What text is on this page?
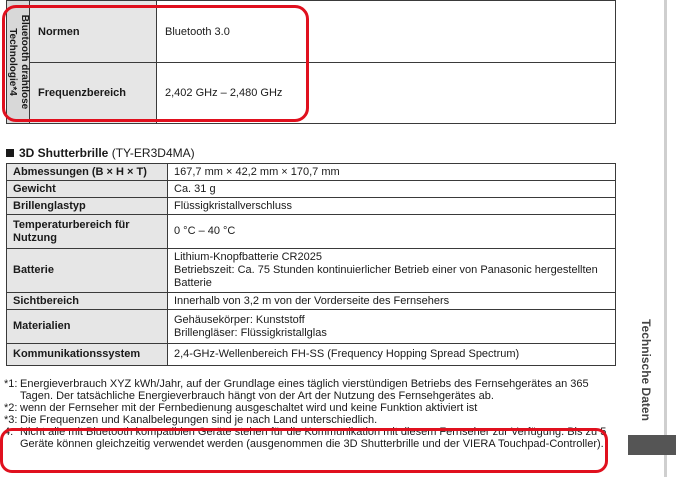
Bluetooth drahtlose
Technologie*4	Normen	Bluetooth 3.0
	Frequenzbereich	2,402 GHz – 2,480 GHz
3D Shutterbrille (TY-ER3D4MA)
Abmessungen (B × H × T)	167,7 mm × 42,2 mm × 170,7 mm
Gewicht	Ca. 31 g
Brillenglastyp	Flüssigkristallverschluss
Temperaturbereich für Nutzung	0 °C – 40 °C
Batterie	Lithium-Knopfbatterie CR2025
Betriebszeit: Ca. 75 Stunden kontinuierlicher Betrieb einer von Panasonic hergestellten Batterie
Sichtbereich	Innerhalb von 3,2 m von der Vorderseite des Fernsehers
Materialien	Gehäusekörper: Kunststoff
Brillengläser: Flüssigkristallglas
Kommunikationssystem	2,4-GHz-Wellenbereich FH-SS (Frequency Hopping Spread Spectrum)
*1: Energieverbrauch XYZ kWh/Jahr, auf der Grundlage eines täglich vierstündigen Betriebs des Fernsehgerätes an 365 Tagen. Der tatsächliche Energieverbrauch hängt von der Art der Nutzung des Fernsehgerätes ab.
*2: wenn der Fernseher mit der Fernbedienung ausgeschaltet wird und keine Funktion aktiviert ist
*3: Die Frequenzen und Kanalbelegungen sind je nach Land unterschiedlich.
4: Nicht alle mit Bluetooth kompatiblen Geräte stehen für die Kommunikation mit diesem Fernseher zur Verfügung. Bis zu 5 Geräte können gleichzeitig verwendet werden (ausgenommen die 3D Shutterbrille und der VIERA Touchpad-Controller).
Technische Daten
